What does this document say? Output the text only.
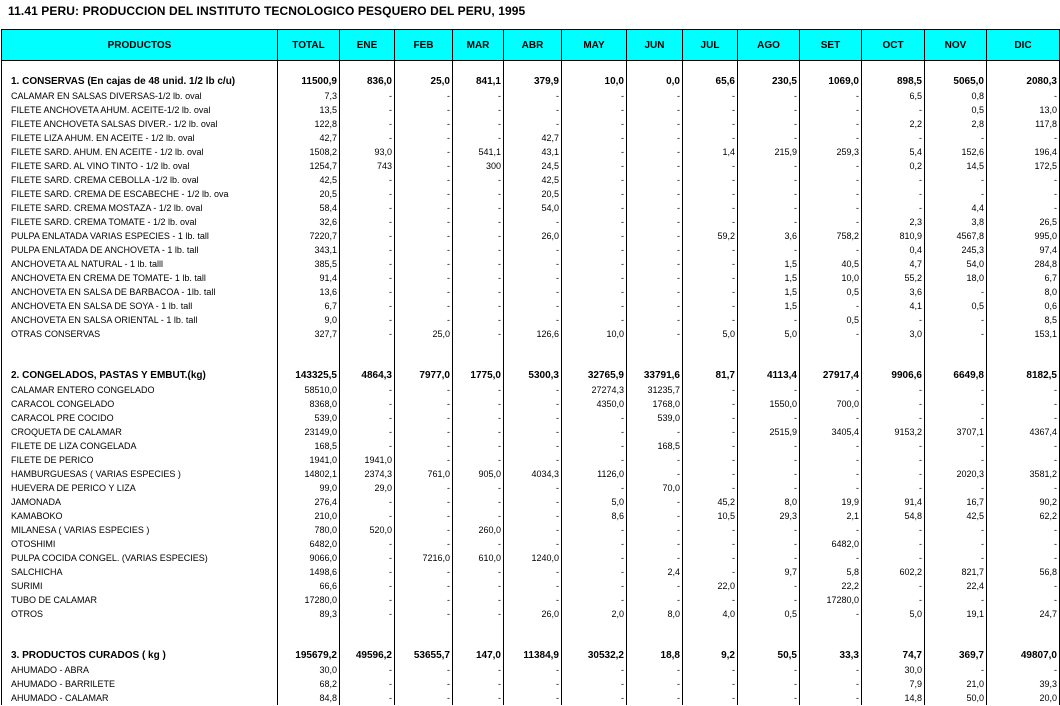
11.41 PERU: PRODUCCION DEL INSTITUTO TECNOLOGICO PESQUERO DEL PERU, 1995
PRODUCTOS	TOTAL	ENE	FEB	MAR	ABR	MAY	JUN	JUL	AGO	SET	OCT	NOV	DIC

1. CONSERVAS (En cajas de 48 unid. 1/2 lb c/u)	11500,9	836,0	25,0	841,1	379,9	10,0	0,0	65,6	230,5	1069,0	898,5	5065,0	2080,3
CALAMAR EN SALSAS DIVERSAS-1/2 lb. oval	7,3	-	-	-	-	-	-	-	-	-	6,5	0,8	-
FILETE ANCHOVETA AHUM. ACEITE-1/2 lb. oval	13,5	-	-	-	-	-	-	-	-	-	-	0,5	13,0
FILETE ANCHOVETA SALSAS DIVER.- 1/2 lb. oval	122,8	-	-	-	-	-	-	-	-	-	2,2	2,8	117,8
FILETE LIZA AHUM. EN ACEITE - 1/2 lb. oval	42,7	-	-	-	42,7	-	-	-	-	-	-	-	-
FILETE SARD. AHUM. EN ACEITE - 1/2 lb. oval	1508,2	93,0	-	541,1	43,1	-	-	1,4	215,9	259,3	5,4	152,6	196,4
FILETE SARD. AL VINO TINTO - 1/2 lb. oval	1254,7	743	-	300	24,5	-	-	-	-	-	0,2	14,5	172,5
FILETE SARD. CREMA CEBOLLA -1/2 lb. oval	42,5	-	-	-	42,5	-	-	-	-	-	-	-	-
FILETE SARD. CREMA DE ESCABECHE - 1/2 lb. ova	20,5	-	-	-	20,5	-	-	-	-	-	-	-	-
FILETE SARD. CREMA MOSTAZA - 1/2 lb. oval	58,4	-	-	-	54,0	-	-	-	-	-	-	4,4	-
FILETE SARD. CREMA TOMATE - 1/2 lb. oval	32,6	-	-	-	-	-	-	-	-	-	2,3	3,8	26,5
PULPA ENLATADA VARIAS ESPECIES - 1 lb. tall	7220,7	-	-	-	26,0	-	-	59,2	3,6	758,2	810,9	4567,8	995,0
PULPA ENLATADA DE ANCHOVETA - 1 lb. tall	343,1	-	-	-	-	-	-	-	-	-	0,4	245,3	97,4
ANCHOVETA AL NATURAL - 1 lb. talll	385,5	-	-	-	-	-	-	-	1,5	40,5	4,7	54,0	284,8
ANCHOVETA EN CREMA DE TOMATE- 1 lb. tall	91,4	-	-	-	-	-	-	-	1,5	10,0	55,2	18,0	6,7
ANCHOVETA EN SALSA DE BARBACOA - 1lb. tall	13,6	-	-	-	-	-	-	-	1,5	0,5	3,6	-	8,0
ANCHOVETA EN SALSA DE SOYA - 1 lb. tall	6,7	-	-	-	-	-	-	-	1,5	-	4,1	0,5	0,6
ANCHOVETA EN SALSA ORIENTAL - 1 lb. tall	9,0	-	-	-	-	-	-	-	-	0,5	-	-	8,5
OTRAS CONSERVAS	327,7	-	25,0	-	126,6	10,0	-	5,0	5,0	-	3,0	-	153,1

2. CONGELADOS, PASTAS Y EMBUT.(kg)	143325,5	4864,3	7977,0	1775,0	5300,3	32765,9	33791,6	81,7	4113,4	27917,4	9906,6	6649,8	8182,5
CALAMAR ENTERO CONGELADO	58510,0	-	-	-	-	27274,3	31235,7	-	-	-	-	-	-
CARACOL CONGELADO	8368,0	-	-	-	-	4350,0	1768,0	-	1550,0	700,0	-	-	-
CARACOL PRE COCIDO	539,0	-	-	-	-	-	539,0	-	-	-	-	-	-
CROQUETA DE CALAMAR	23149,0	-	-	-	-	-	-	-	2515,9	3405,4	9153,2	3707,1	4367,4
FILETE DE LIZA CONGELADA	168,5	-	-	-	-	-	168,5	-	-	-	-	-	-
FILETE DE PERICO	1941,0	1941,0	-	-	-	-	-	-	-	-	-	-	-
HAMBURGUESAS ( VARIAS ESPECIES )	14802,1	2374,3	761,0	905,0	4034,3	1126,0	-	-	-	-	-	2020,3	3581,2
HUEVERA DE PERICO Y LIZA	99,0	29,0	-	-	-	-	70,0	-	-	-	-	-	-
JAMONADA	276,4	-	-	-	-	5,0	-	45,2	8,0	19,9	91,4	16,7	90,2
KAMABOKO	210,0	-	-	-	-	8,6	-	10,5	29,3	2,1	54,8	42,5	62,2
MILANESA ( VARIAS ESPECIES )	780,0	520,0	-	260,0	-	-	-	-	-	-	-	-	-
OTOSHIMI	6482,0	-	-	-	-	-	-	-	-	6482,0	-	-	-
PULPA COCIDA CONGEL. (VARIAS ESPECIES)	9066,0	-	7216,0	610,0	1240,0	-	-	-	-	-	-	-	-
SALCHICHA	1498,6	-	-	-	-	-	2,4	-	9,7	5,8	602,2	821,7	56,8
SURIMI	66,6	-	-	-	-	-	-	22,0	-	22,2	-	22,4	-
TUBO DE CALAMAR	17280,0	-	-	-	-	-	-	-	-	17280,0	-	-	-
OTROS	89,3	-	-	-	26,0	2,0	8,0	4,0	0,5	-	5,0	19,1	24,7

3. PRODUCTOS CURADOS ( kg )	195679,2	49596,2	53655,7	147,0	11384,9	30532,2	18,8	9,2	50,5	33,3	74,7	369,7	49807,0
AHUMADO - ABRA	30,0	-	-	-	-	-	-	-	-	-	30,0	-	-
AHUMADO - BARRILETE	68,2	-	-	-	-	-	-	-	-	-	7,9	21,0	39,3
AHUMADO - CALAMAR	84,8	-	-	-	-	-	-	-	-	-	14,8	50,0	20,0
